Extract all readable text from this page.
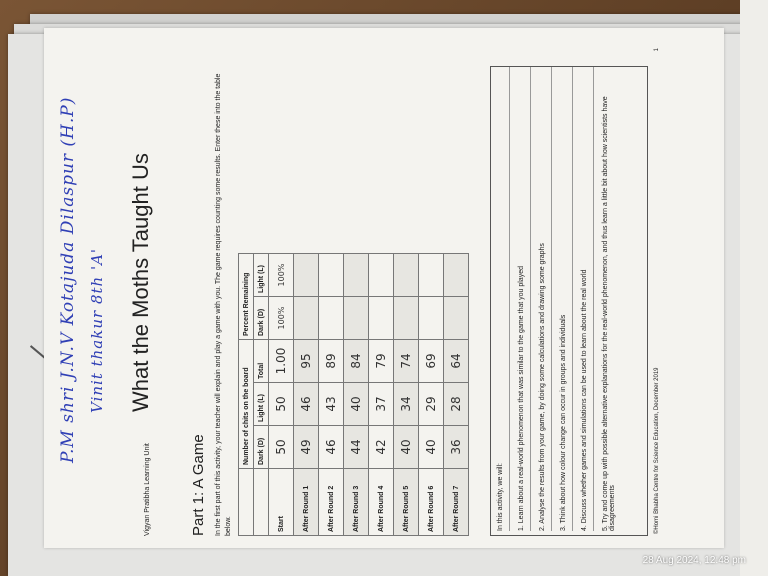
P.M shri J.N.V Kotajuda Dilaspur (H.P) Vinit thakur 8th 'A'
Vigyan Pratibha Learning Unit
What the Moths Taught Us
Part 1: A Game In the first part of this activity, your teacher will explain and play a game with you. The game requires counting some results. Enter these into the table below.
	Number of chits on the board			Percent Remaining	
	Dark (D)	Light (L)	Total	Dark (D)	Light (L)
Start	50	50	1.00	100%	100%
After Round 1	49	46	95		
After Round 2	46	43	89		
After Round 3	44	40	84		
After Round 4	42	37	79		
After Round 5	40	34	74		
After Round 6	40	29	69		
After Round 7	36	28	64		

In this activity, we will:	1. Learn about a real-world phenomenon that was similar to the game that you played	2. Analyse the results from your game, by doing some calculations and drawing some graphs	3. Think about how colour change can occur in groups and individuals	4. Discuss whether games and simulations can be used to learn about the real world	5. Try and come up with possible alternative explanations for the real-world phenomenon, and thus learn a little bit about how scientists have disagreements	©Homi Bhabha Centre for Science Education, December 2019
1
28 Aug 2024, 12:48 pm
